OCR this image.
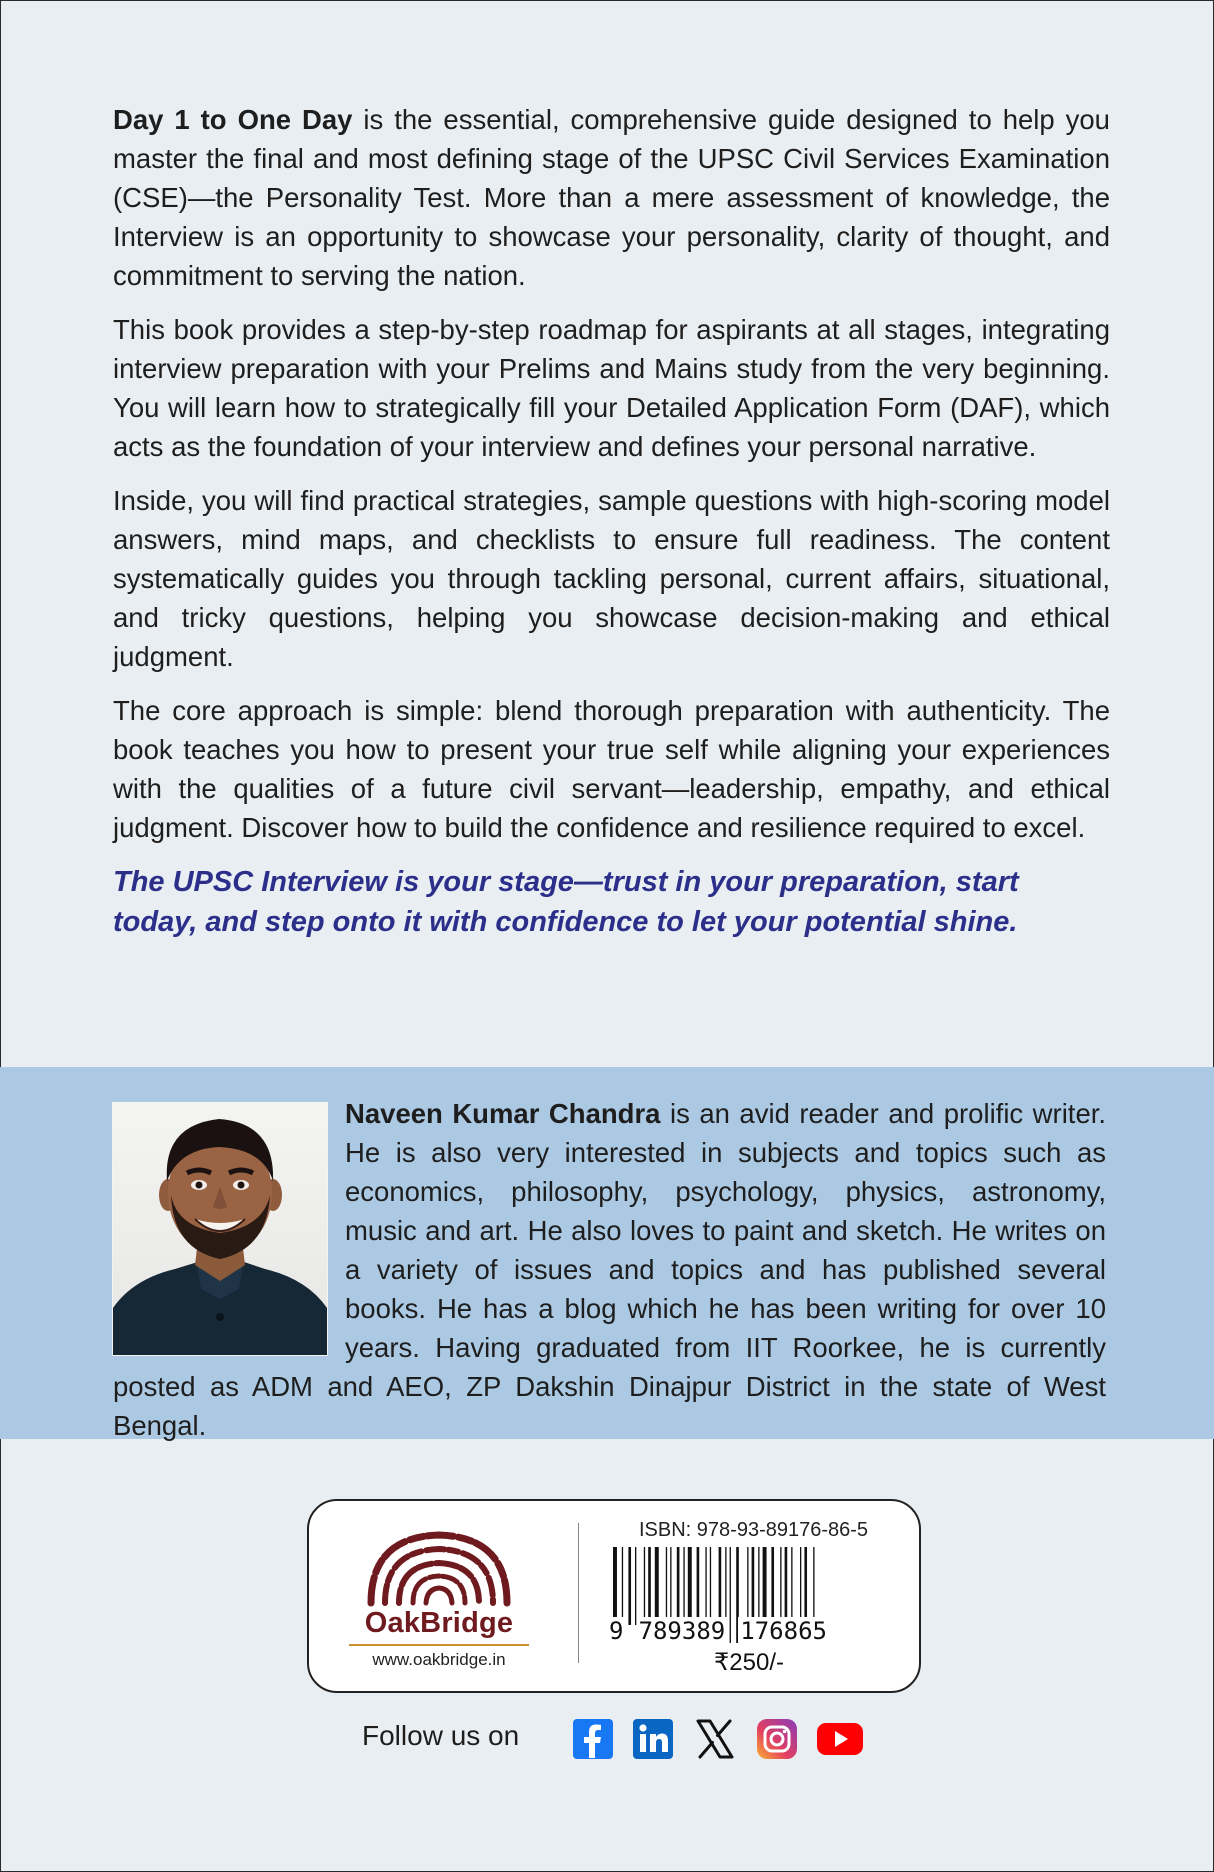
Day 1 to One Day is the essential, comprehensive guide designed to help you master the final and most defining stage of the UPSC Civil Services Examination (CSE)—the Personality Test. More than a mere assessment of knowledge, the Interview is an opportunity to showcase your personality, clarity of thought, and commitment to serving the nation.

This book provides a step-by-step roadmap for aspirants at all stages, integrating interview preparation with your Prelims and Mains study from the very beginning. You will learn how to strategically fill your Detailed Application Form (DAF), which acts as the foundation of your interview and defines your personal narrative.

Inside, you will find practical strategies, sample questions with high-scoring model answers, mind maps, and checklists to ensure full readiness. The content systematically guides you through tackling personal, current affairs, situational, and tricky questions, helping you showcase decision-making and ethical judgment.

The core approach is simple: blend thorough preparation with authenticity. The book teaches you how to present your true self while aligning your experiences with the qualities of a future civil servant—leadership, empathy, and ethical judgment. Discover how to build the confidence and resilience required to excel.

The UPSC Interview is your stage—trust in your preparation, start today, and step onto it with confidence to let your potential shine.
Naveen Kumar Chandra is an avid reader and prolific writer. He is also very interested in subjects and topics such as economics, philosophy, psychology, physics, astronomy, music and art. He also loves to paint and sketch. He writes on a variety of issues and topics and has published several books. He has a blog which he has been writing for over 10 years. Having graduated from IIT Roorkee, he is currently posted as ADM and AEO, ZP Dakshin Dinajpur District in the state of West Bengal.
OakBridge
www.oakbridge.in
ISBN: 978-93-89176-86-5
9 789389 176865
₹250/-
Follow us on
